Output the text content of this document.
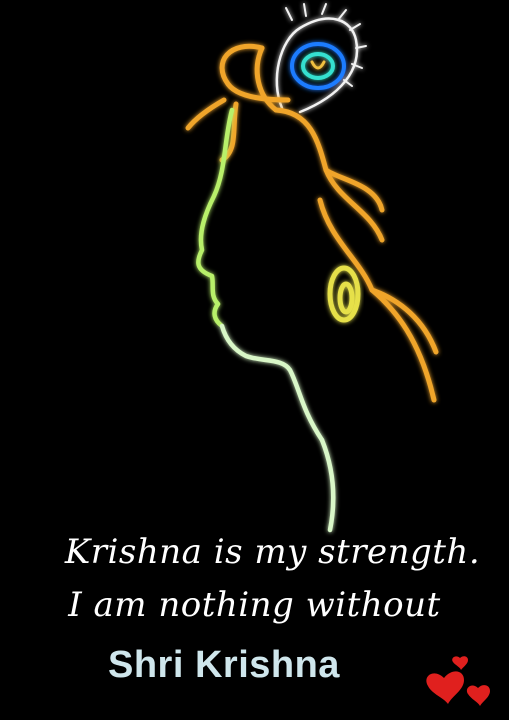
Krishna is my strength.
I am nothing without
Shri Krishna
